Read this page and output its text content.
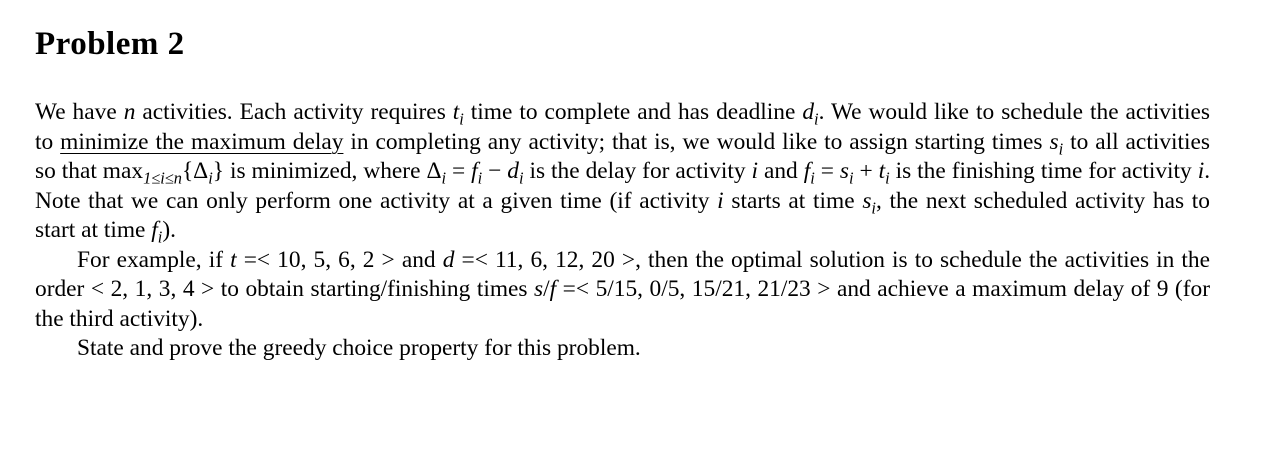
Problem 2

We have n activities. Each activity requires $t_i$ time to complete and has deadline $d_i$. We would like to schedule the activities to minimize the maximum delay in completing any activity; that is, we would like to assign starting times $s_i$ to all activities so that $\max_{1\le i\le n}\{\Delta_i\}$ is minimized, where $\Delta_i = f_i - d_i$ is the delay for activity i and $f_i = s_i + t_i$ is the finishing time for activity i. Note that we can only perform one activity at a given time (if activity i starts at time $s_i$, the next scheduled activity has to start at time $f_i$).

For example, if t =< 10, 5, 6, 2 > and d =< 11, 6, 12, 20 >, then the optimal solution is to schedule the activities in the order < 2, 1, 3, 4 > to obtain starting/finishing times s/f =< 5/15, 0/5, 15/21, 21/23 > and achieve a maximum delay of 9 (for the third activity).

State and prove the greedy choice property for this problem.
